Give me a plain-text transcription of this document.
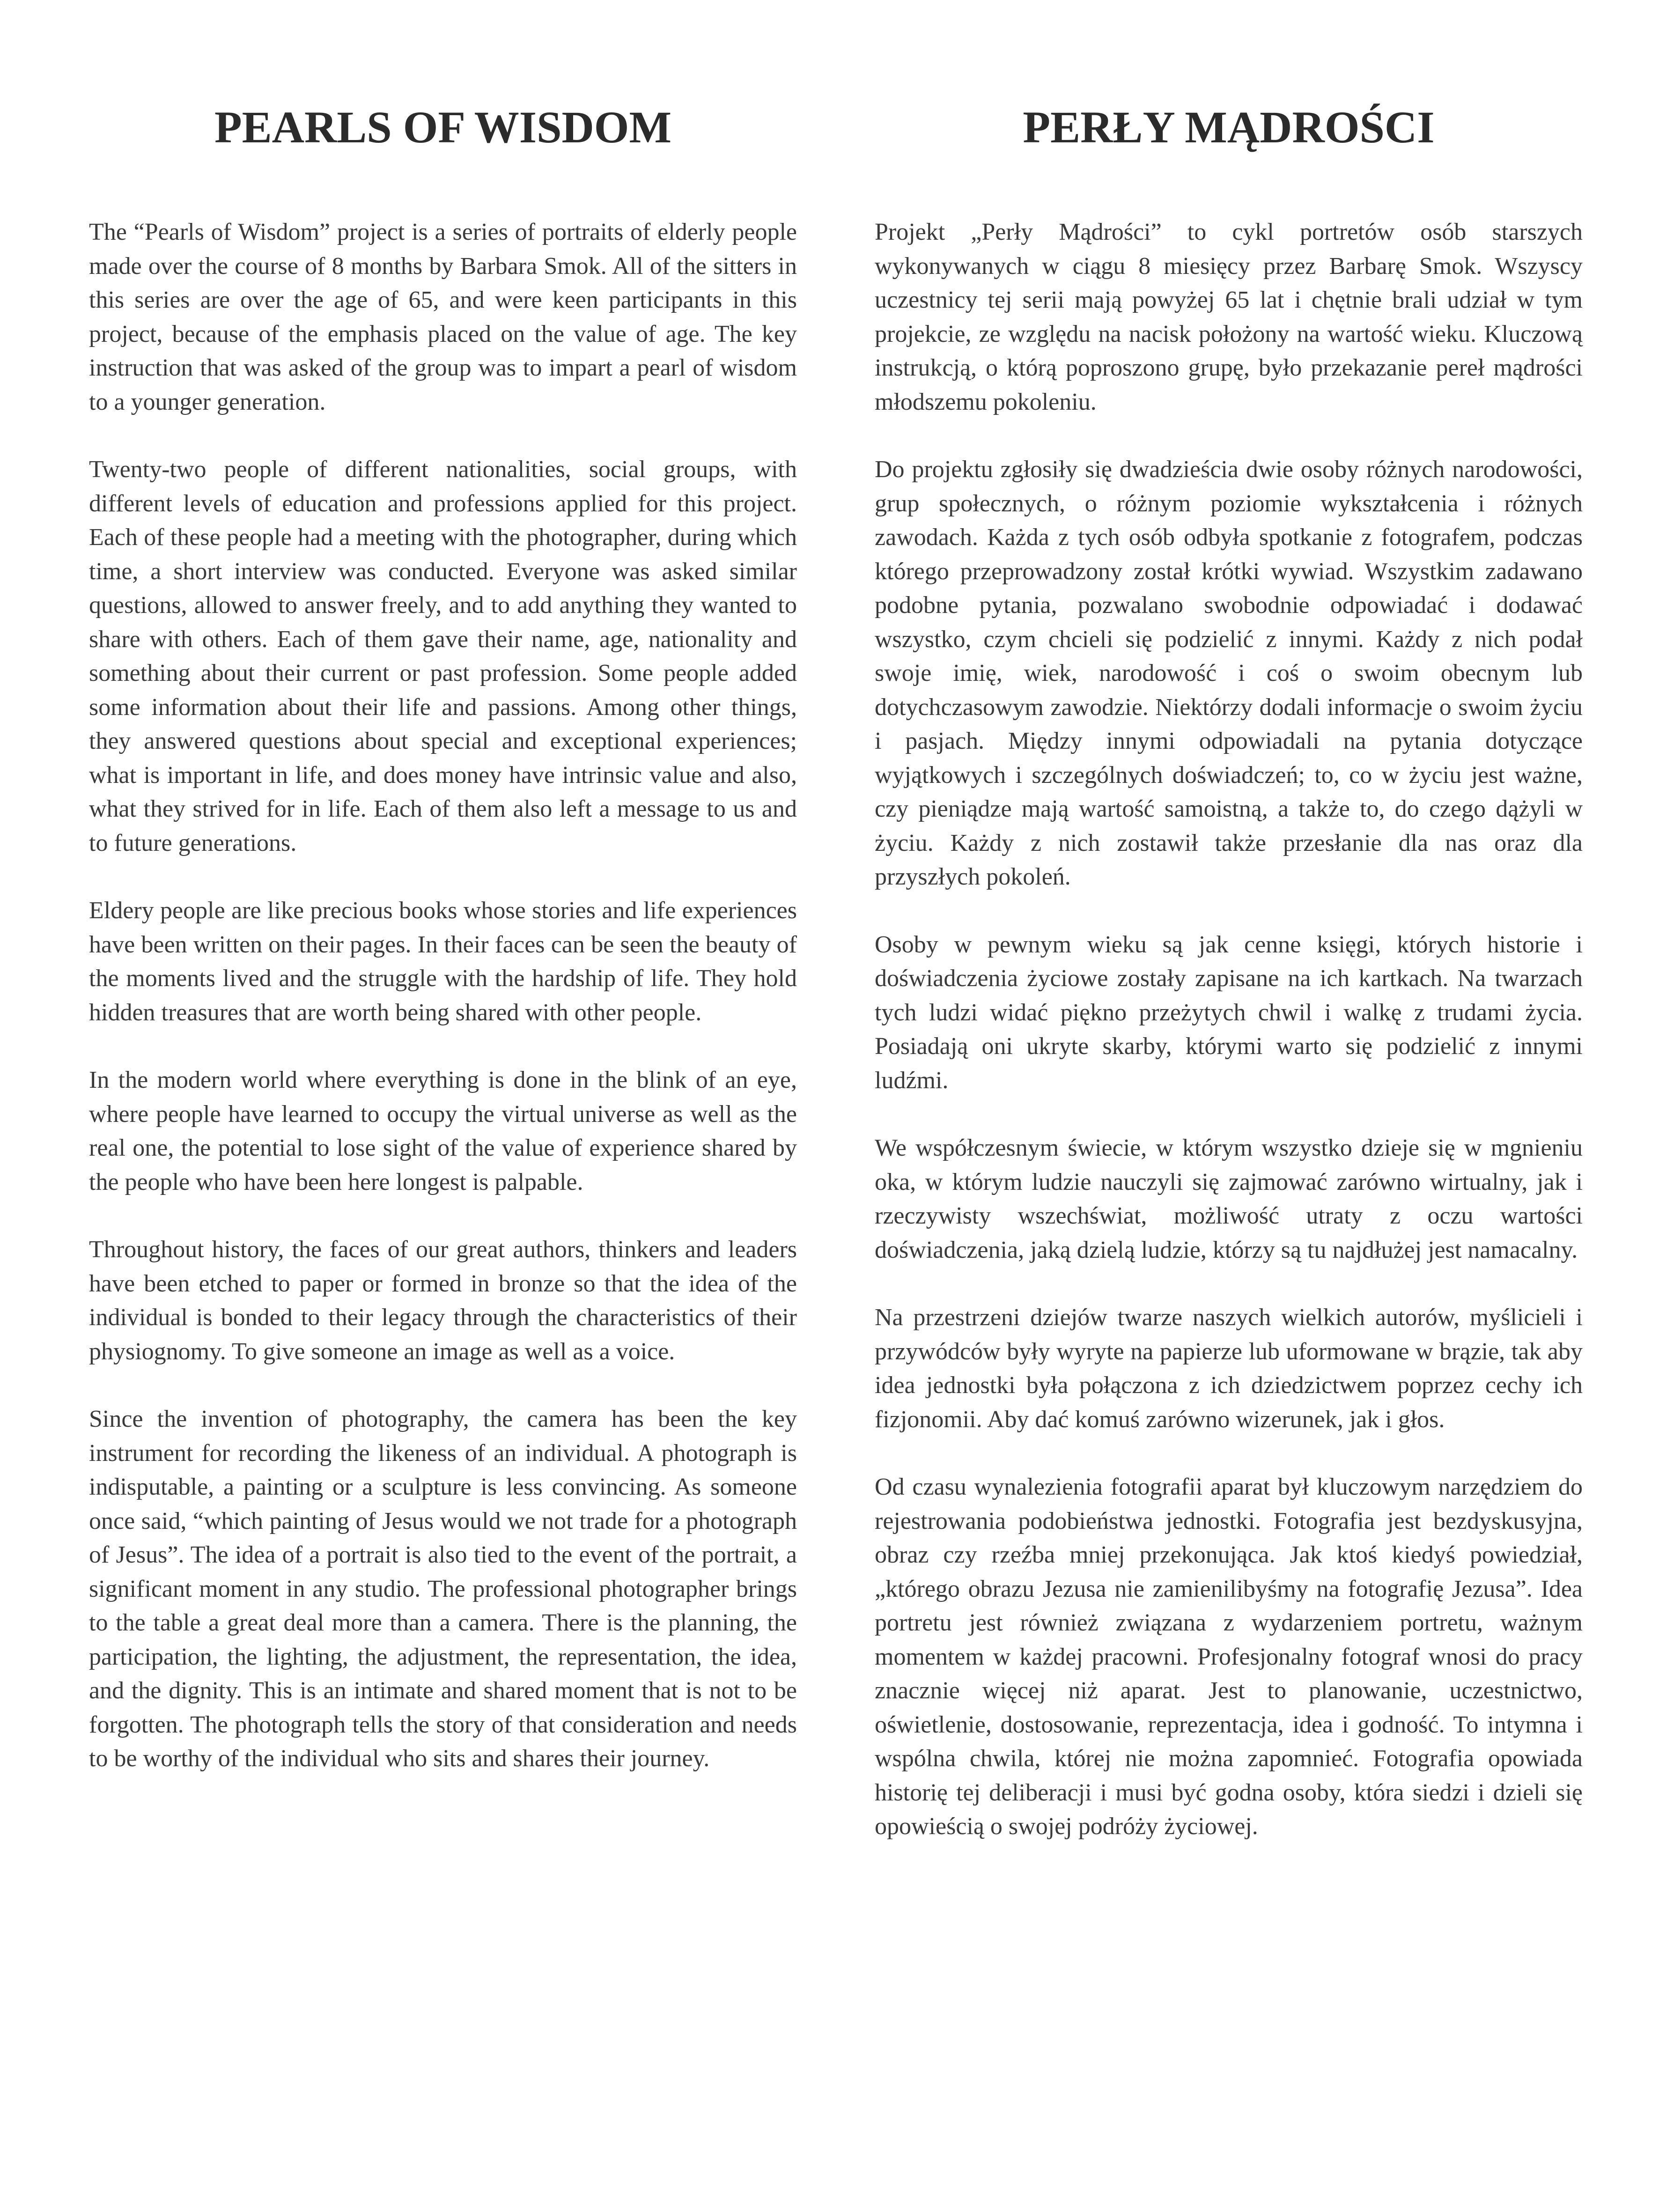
PEARLS OF WISDOM

The “Pearls of Wisdom” project is a series of portraits of elderly people made over the course of 8 months by Barbara Smok. All of the sitters in this series are over the age of 65, and were keen participants in this project, because of the emphasis placed on the value of age. The key instruction that was asked of the group was to impart a pearl of wisdom to a younger generation.

Twenty-two people of different nationalities, social groups, with different levels of education and professions applied for this project. Each of these people had a meeting with the photographer, during which time, a short interview was conducted. Everyone was asked similar questions, allowed to answer freely, and to add anything they wanted to share with others. Each of them gave their name, age, nationality and something about their current or past profession. Some people added some information about their life and passions. Among other things, they answered questions about special and exceptional experiences; what is important in life, and does money have intrinsic value and also, what they strived for in life. Each of them also left a message to us and to future generations.

Eldery people are like precious books whose stories and life experiences have been written on their pages. In their faces can be seen the beauty of the moments lived and the struggle with the hardship of life. They hold hidden treasures that are worth being shared with other people.

In the modern world where everything is done in the blink of an eye, where people have learned to occupy the virtual universe as well as the real one, the potential to lose sight of the value of experience shared by the people who have been here longest is palpable.

Throughout history, the faces of our great authors, thinkers and leaders have been etched to paper or formed in bronze so that the idea of the individual is bonded to their legacy through the characteristics of their physiognomy. To give someone an image as well as a voice.

Since the invention of photography, the camera has been the key instrument for recording the likeness of an individual. A photograph is indisputable, a painting or a sculpture is less convincing. As someone once said, “which painting of Jesus would we not trade for a photograph of Jesus”. The idea of a portrait is also tied to the event of the portrait, a significant moment in any studio. The professional photographer brings to the table a great deal more than a camera. There is the planning, the participation, the lighting, the adjustment, the representation, the idea, and the dignity. This is an intimate and shared moment that is not to be forgotten. The photograph tells the story of that consideration and needs to be worthy of the individual who sits and shares their journey.

PERŁY MĄDROŚCI

Projekt „Perły Mądrości” to cykl portretów osób starszych wykonywanych w ciągu 8 miesięcy przez Barbarę Smok. Wszyscy uczestnicy tej serii mają powyżej 65 lat i chętnie brali udział w tym projekcie, ze względu na nacisk położony na wartość wieku. Kluczową instrukcją, o którą poproszono grupę, było przekazanie pereł mądrości młodszemu pokoleniu.

Do projektu zgłosiły się dwadzieścia dwie osoby różnych narodowości, grup społecznych, o różnym poziomie wykształcenia i różnych zawodach. Każda z tych osób odbyła spotkanie z fotografem, podczas którego przeprowadzony został krótki wywiad. Wszystkim zadawano podobne pytania, pozwalano swobodnie odpowiadać i dodawać wszystko, czym chcieli się podzielić z innymi. Każdy z nich podał swoje imię, wiek, narodowość i coś o swoim obecnym lub dotychczasowym zawodzie. Niektórzy dodali informacje o swoim życiu i pasjach. Między innymi odpowiadali na pytania dotyczące wyjątkowych i szczególnych doświadczeń; to, co w życiu jest ważne, czy pieniądze mają wartość samoistną, a także to, do czego dążyli w życiu. Każdy z nich zostawił także przesłanie dla nas oraz dla przyszłych pokoleń.

Osoby w pewnym wieku są jak cenne księgi, których historie i doświadczenia życiowe zostały zapisane na ich kartkach. Na twarzach tych ludzi widać piękno przeżytych chwil i walkę z trudami życia. Posiadają oni ukryte skarby, którymi warto się podzielić z innymi ludźmi.

We współczesnym świecie, w którym wszystko dzieje się w mgnieniu oka, w którym ludzie nauczyli się zajmować zarówno wirtualny, jak i rzeczywisty wszechświat, możliwość utraty z oczu wartości doświadczenia, jaką dzielą ludzie, którzy są tu najdłużej jest namacalny.

Na przestrzeni dziejów twarze naszych wielkich autorów, myślicieli i przywódców były wyryte na papierze lub uformowane w brązie, tak aby idea jednostki była połączona z ich dziedzictwem poprzez cechy ich fizjonomii. Aby dać komuś zarówno wizerunek, jak i głos.

Od czasu wynalezienia fotografii aparat był kluczowym narzędziem do rejestrowania podobieństwa jednostki. Fotografia jest bezdyskusyjna, obraz czy rzeźba mniej przekonująca. Jak ktoś kiedyś powiedział, „którego obrazu Jezusa nie zamienilibyśmy na fotografię Jezusa”. Idea portretu jest również związana z wydarzeniem portretu, ważnym momentem w każdej pracowni. Profesjonalny fotograf wnosi do pracy znacznie więcej niż aparat. Jest to planowanie, uczestnictwo, oświetlenie, dostosowanie, reprezentacja, idea i godność. To intymna i wspólna chwila, której nie można zapomnieć. Fotografia opowiada historię tej deliberacji i musi być godna osoby, która siedzi i dzieli się opowieścią o swojej podróży życiowej.
